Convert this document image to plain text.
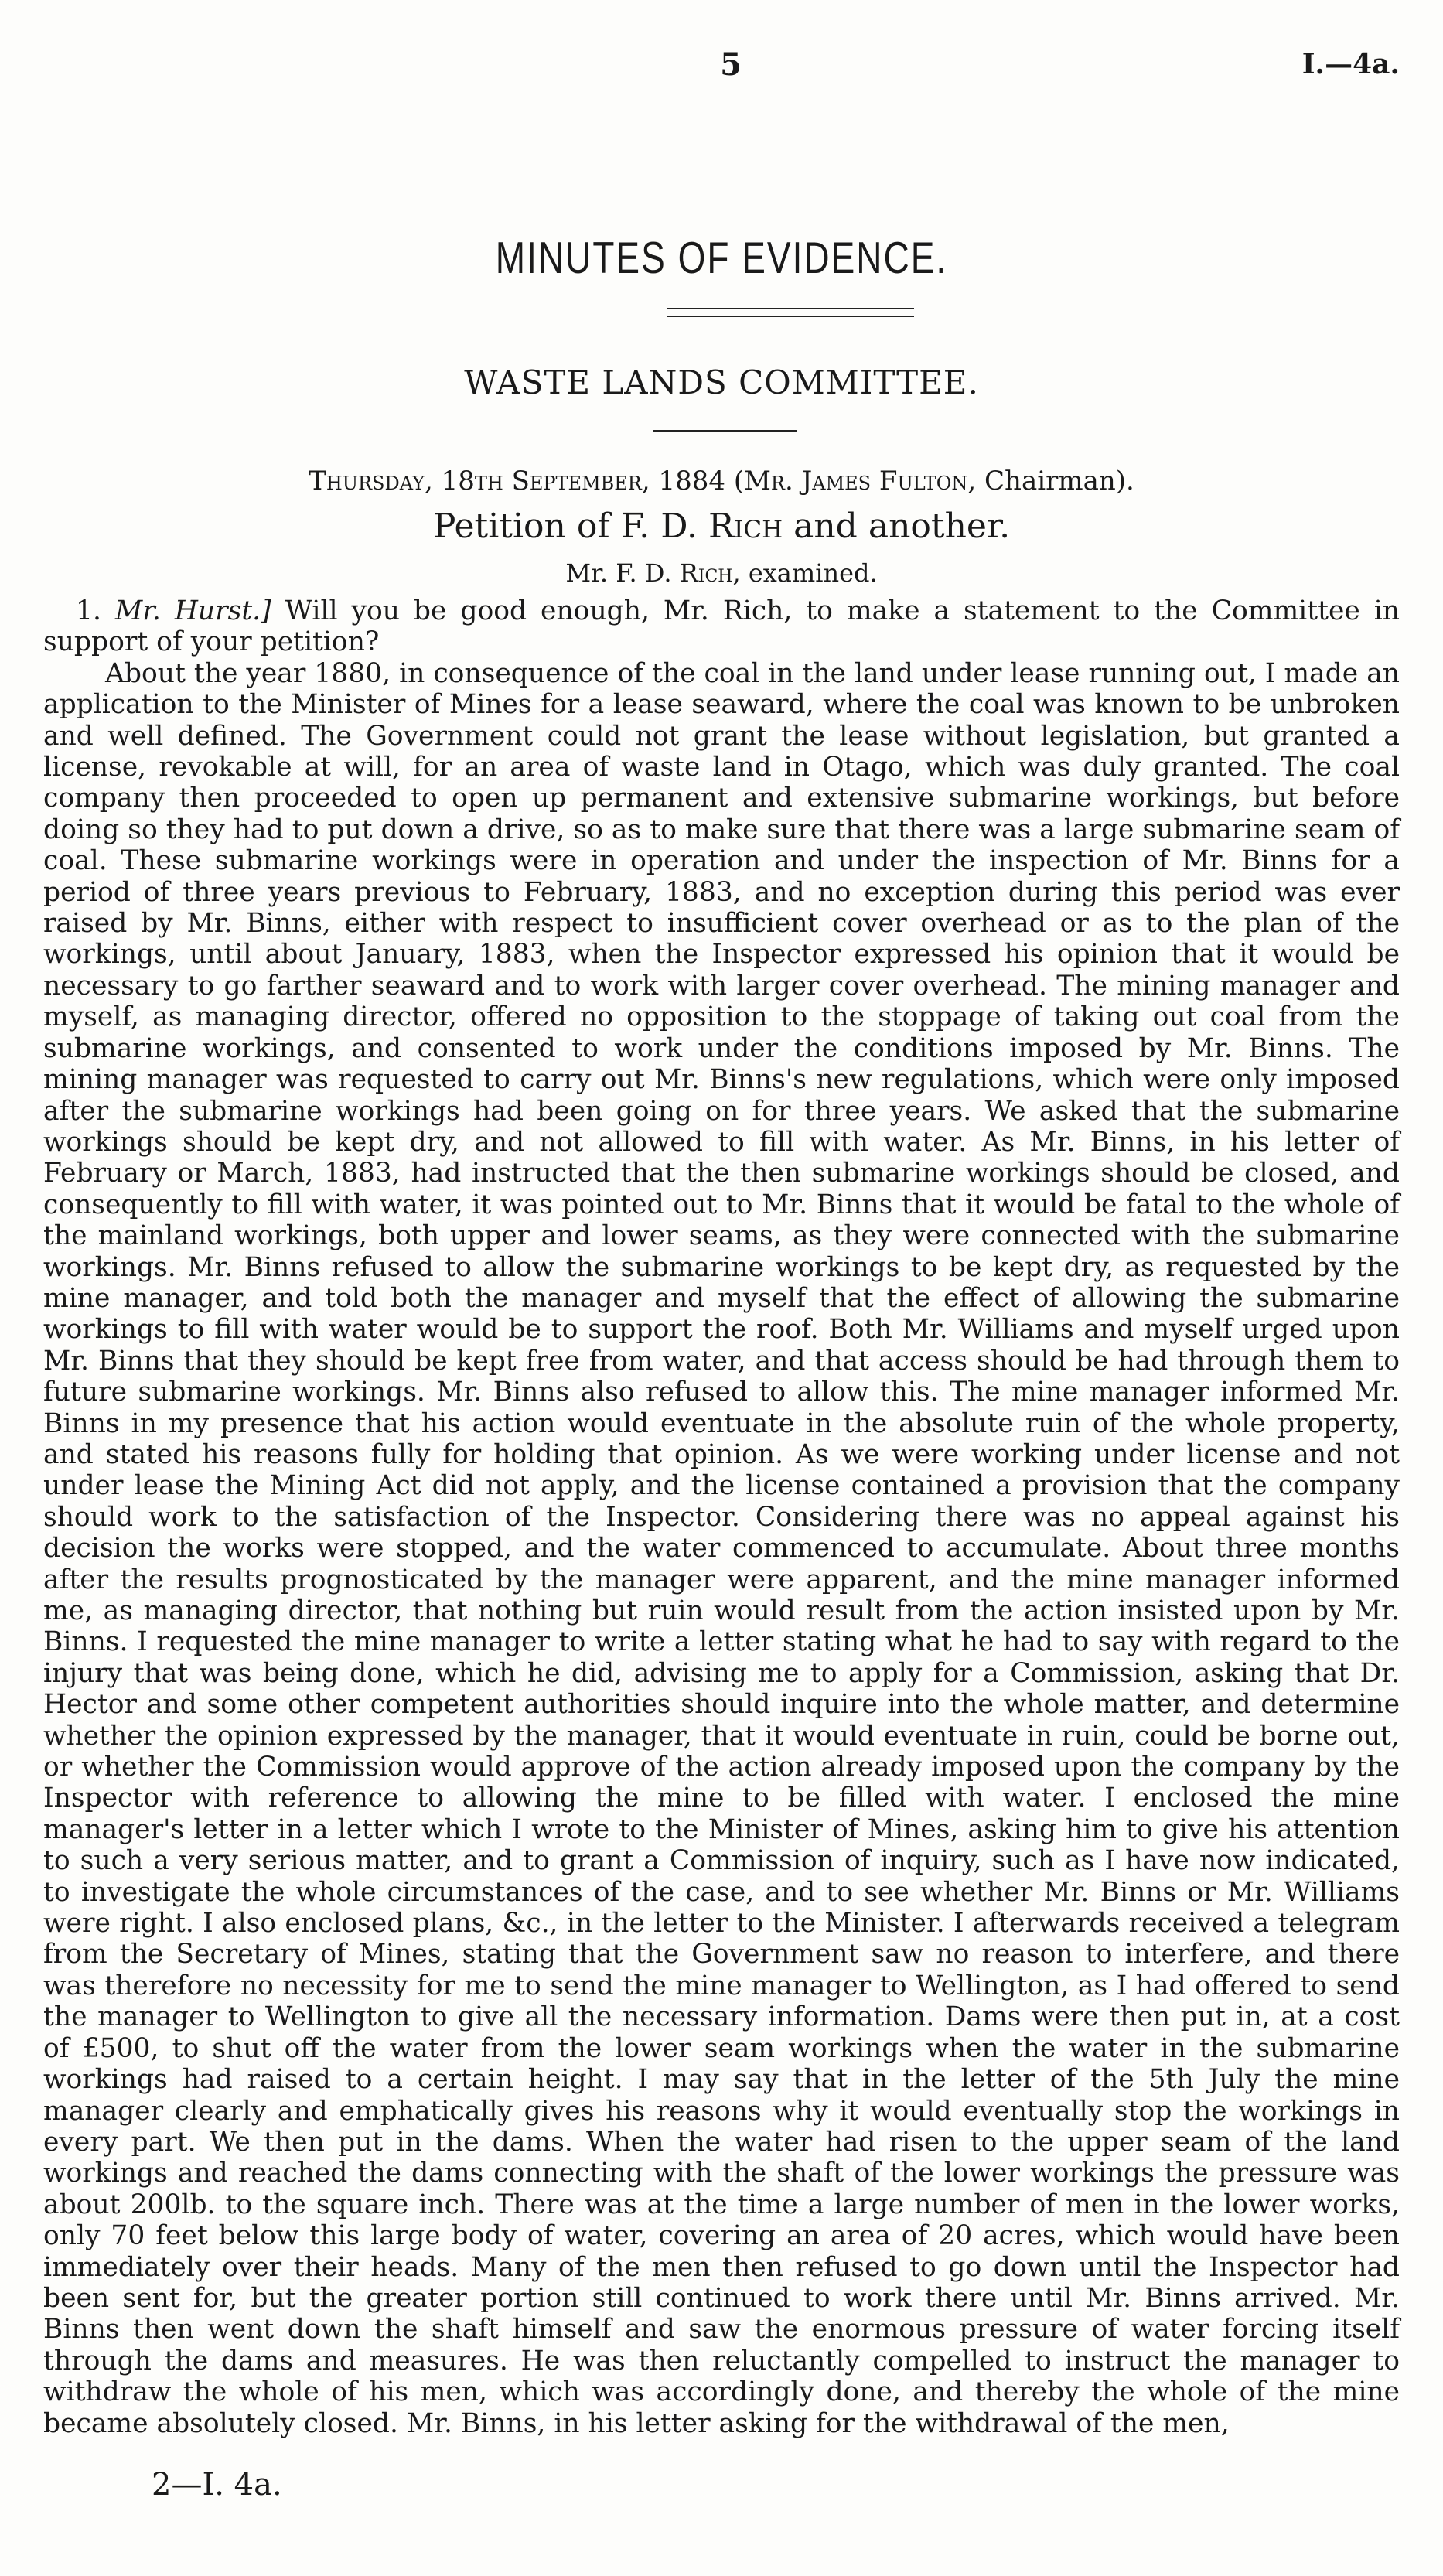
5	I.—4a.
MINUTES OF EVIDENCE.
WASTE LANDS COMMITTEE.
Thursday, 18th September, 1884 (Mr. James Fulton, Chairman).
Petition of F. D. Rich and another.
Mr. F. D. Rich, examined.

1. Mr. Hurst.] Will you be good enough, Mr. Rich, to make a statement to the Committee in support of your petition?

About the year 1880, in consequence of the coal in the land under lease running out, I made an application to the Minister of Mines for a lease seaward, where the coal was known to be unbroken and well defined. The Government could not grant the lease without legislation, but granted a license, revokable at will, for an area of waste land in Otago, which was duly granted. The coal company then proceeded to open up permanent and extensive submarine workings, but before doing so they had to put down a drive, so as to make sure that there was a large submarine seam of coal. These submarine workings were in operation and under the inspection of Mr. Binns for a period of three years previous to February, 1883, and no exception during this period was ever raised by Mr. Binns, either with respect to insufficient cover overhead or as to the plan of the workings, until about January, 1883, when the Inspector expressed his opinion that it would be necessary to go farther seaward and to work with larger cover overhead. The mining manager and myself, as managing director, offered no opposition to the stoppage of taking out coal from the submarine workings, and consented to work under the conditions imposed by Mr. Binns. The mining manager was requested to carry out Mr. Binns's new regulations, which were only imposed after the submarine workings had been going on for three years. We asked that the submarine workings should be kept dry, and not allowed to fill with water. As Mr. Binns, in his letter of February or March, 1883, had instructed that the then submarine workings should be closed, and consequently to fill with water, it was pointed out to Mr. Binns that it would be fatal to the whole of the mainland workings, both upper and lower seams, as they were connected with the submarine workings. Mr. Binns refused to allow the submarine workings to be kept dry, as requested by the mine manager, and told both the manager and myself that the effect of allowing the submarine workings to fill with water would be to support the roof. Both Mr. Williams and myself urged upon Mr. Binns that they should be kept free from water, and that access should be had through them to future submarine workings. Mr. Binns also refused to allow this. The mine manager informed Mr. Binns in my presence that his action would eventuate in the absolute ruin of the whole property, and stated his reasons fully for holding that opinion. As we were working under license and not under lease the Mining Act did not apply, and the license contained a provision that the company should work to the satisfaction of the Inspector. Considering there was no appeal against his decision the works were stopped, and the water commenced to accumulate. About three months after the results prognosticated by the manager were apparent, and the mine manager informed me, as managing director, that nothing but ruin would result from the action insisted upon by Mr. Binns. I requested the mine manager to write a letter stating what he had to say with regard to the injury that was being done, which he did, advising me to apply for a Commission, asking that Dr. Hector and some other competent authorities should inquire into the whole matter, and determine whether the opinion expressed by the manager, that it would eventuate in ruin, could be borne out, or whether the Commission would approve of the action already imposed upon the company by the Inspector with reference to allowing the mine to be filled with water. I enclosed the mine manager's letter in a letter which I wrote to the Minister of Mines, asking him to give his attention to such a very serious matter, and to grant a Commission of inquiry, such as I have now indicated, to investigate the whole circumstances of the case, and to see whether Mr. Binns or Mr. Williams were right. I also enclosed plans, &c., in the letter to the Minister. I afterwards received a telegram from the Secretary of Mines, stating that the Government saw no reason to interfere, and there was therefore no necessity for me to send the mine manager to Wellington, as I had offered to send the manager to Wellington to give all the necessary information. Dams were then put in, at a cost of £500, to shut off the water from the lower seam workings when the water in the submarine workings had raised to a certain height. I may say that in the letter of the 5th July the mine manager clearly and emphatically gives his reasons why it would eventually stop the workings in every part. We then put in the dams. When the water had risen to the upper seam of the land workings and reached the dams connecting with the shaft of the lower workings the pressure was about 200lb. to the square inch. There was at the time a large number of men in the lower works, only 70 feet below this large body of water, covering an area of 20 acres, which would have been immediately over their heads. Many of the men then refused to go down until the Inspector had been sent for, but the greater portion still continued to work there until Mr. Binns arrived. Mr. Binns then went down the shaft himself and saw the enormous pressure of water forcing itself through the dams and measures. He was then reluctantly compelled to instruct the manager to withdraw the whole of his men, which was accordingly done, and thereby the whole of the mine became absolutely closed. Mr. Binns, in his letter asking for the withdrawal of the men,

2—I. 4a.
